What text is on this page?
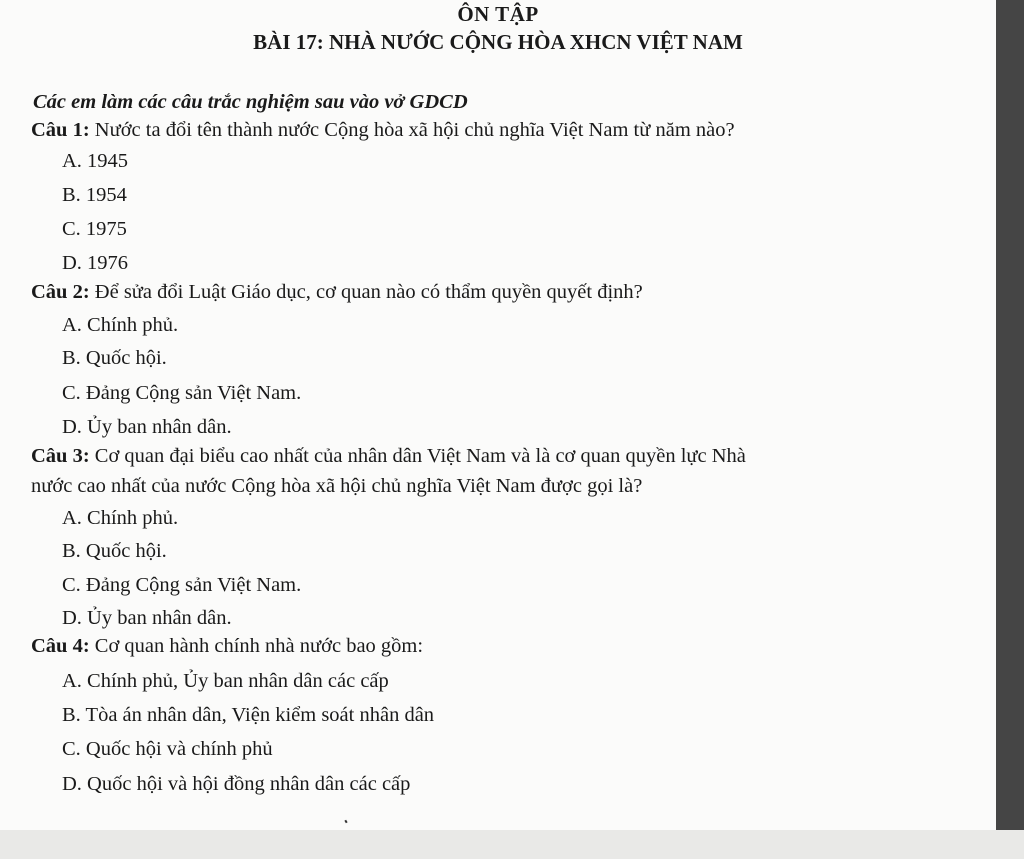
ÔN TẬP
BÀI 17: NHÀ NƯỚC CỘNG HÒA XHCN VIỆT NAM
Các em làm các câu trắc nghiệm sau vào vở GDCD
Câu 1: Nước ta đổi tên thành nước Cộng hòa xã hội chủ nghĩa Việt Nam từ năm nào?
A. 1945
B. 1954
C. 1975
D. 1976
Câu 2: Để sửa đổi Luật Giáo dục, cơ quan nào có thẩm quyền quyết định?
A. Chính phủ.
B. Quốc hội.
C. Đảng Cộng sản Việt Nam.
D. Ủy ban nhân dân.
Câu 3: Cơ quan đại biểu cao nhất của nhân dân Việt Nam và là cơ quan quyền lực Nhà
nước cao nhất của nước Cộng hòa xã hội chủ nghĩa Việt Nam được gọi là?
A. Chính phủ.
B. Quốc hội.
C. Đảng Cộng sản Việt Nam.
D. Ủy ban nhân dân.
Câu 4: Cơ quan hành chính nhà nước bao gồm:
A. Chính phủ, Ủy ban nhân dân các cấp
B. Tòa án nhân dân, Viện kiểm soát nhân dân
C. Quốc hội và chính phủ
D. Quốc hội và hội đồng nhân dân các cấp
